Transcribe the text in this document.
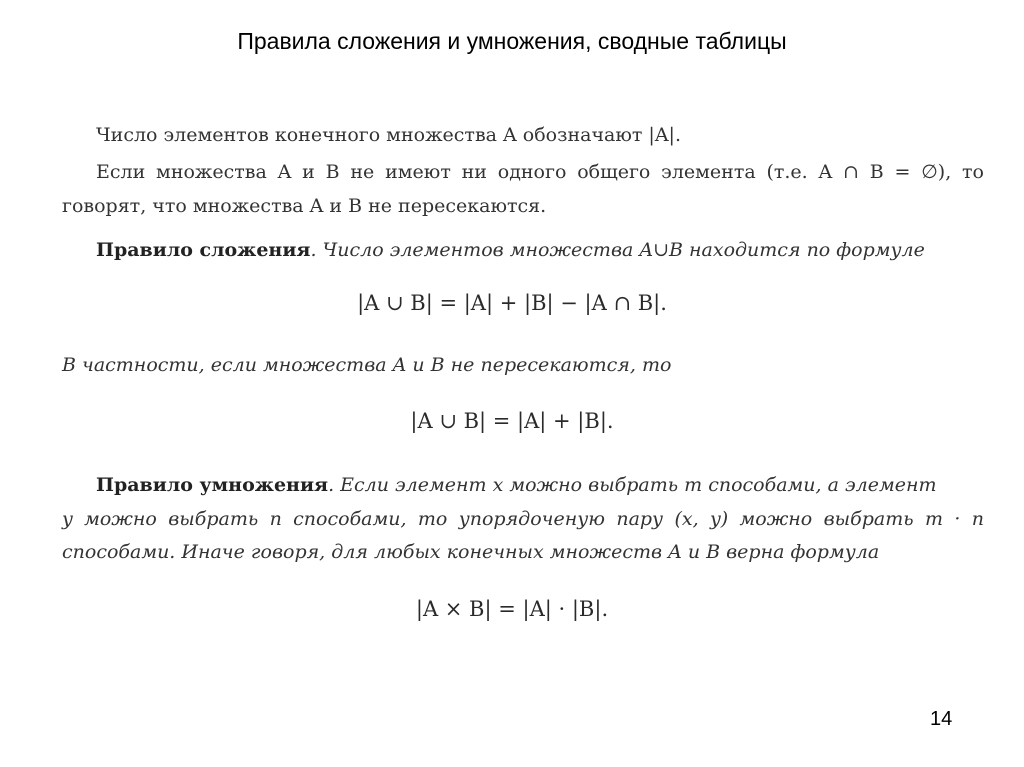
Правила сложения и умножения, сводные таблицы
Число элементов конечного множества A обозначают |A|.
Если множества A и B не имеют ни одного общего элемента (т.е. A ∩ B = ∅), то
говорят, что множества A и B не пересекаются.
Правило сложения. Число элементов множества A∪B находится по формуле
|A ∪ B| = |A| + |B| − |A ∩ B|.
В частности, если множества A и B не пересекаются, то
|A ∪ B| = |A| + |B|.
Правило умножения. Если элемент x можно выбрать m способами, а элемент
y можно выбрать n способами, то упорядоченую пару (x, y) можно выбрать m · n
способами. Иначе говоря, для любых конечных множеств A и B верна формула
|A × B| = |A| · |B|.
14
